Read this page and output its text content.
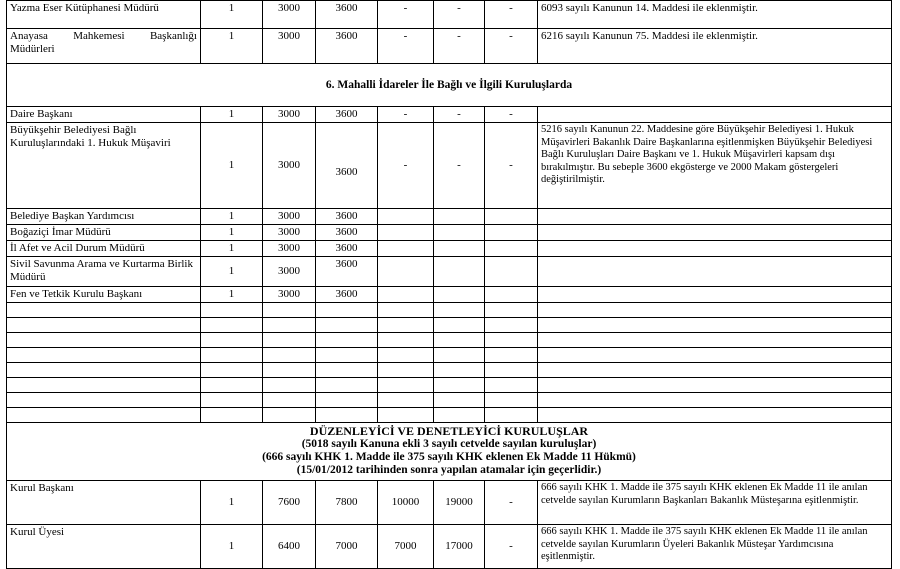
Yazma Eser Kütüphanesi Müdürü	1	3000	3600	-	-	-	6093 sayılı Kanunun 14. Maddesi ile eklenmiştir.
Anayasa Mahkemesi Başkanlığı Müdürleri	1	3000	3600	-	-	-	6216 sayılı Kanunun 75. Maddesi ile eklenmiştir.
6. Mahalli İdareler İle Bağlı ve İlgili Kuruluşlarda							
Daire Başkanı	1	3000	3600	-	-	-	
Büyükşehir Belediyesi Bağlı Kuruluşlarındaki 1. Hukuk Müşaviri	1	3000	3600	-	-	-	5216 sayılı Kanunun 22. Maddesine göre Büyükşehir Belediyesi 1. Hukuk Müşavirleri Bakanlık Daire Başkanlarına eşitlenmişken Büyükşehir Belediyesi Bağlı Kuruluşları Daire Başkanı ve 1. Hukuk Müşavirleri kapsam dışı bırakılmıştır. Bu sebeple 3600 ekgösterge ve 2000 Makam göstergeleri değiştirilmiştir.
Belediye Başkan Yardımcısı	1	3000	3600				
Boğaziçi İmar Müdürü	1	3000	3600				
İl Afet ve Acil Durum Müdürü	1	3000	3600				
Sivil Savunma Arama ve Kurtarma Birlik Müdürü	1	3000	3600				
Fen ve Tetkik Kurulu Başkanı	1	3000	3600				

DÜZENLEYİCİ VE DENETLEYİCİ KURULUŞLAR
(5018 sayılı Kanuna ekli 3 sayılı cetvelde sayılan kuruluşlar)
(666 sayılı KHK 1. Madde ile 375 sayılı KHK eklenen Ek Madde 11 Hükmü)
(15/01/2012 tarihinden sonra yapılan atamalar için geçerlidir.)							

Kurul Başkanı	1	7600	7800	10000	19000	-	666 sayılı KHK 1. Madde ile 375 sayılı KHK eklenen Ek Madde 11 ile anılan cetvelde sayılan Kurumların Başkanları Bakanlık Müsteşarına eşitlenmiştir.
Kurul Üyesi	1	6400	7000	7000	17000	-	666 sayılı KHK 1. Madde ile 375 sayılı KHK eklenen Ek Madde 11 ile anılan cetvelde sayılan Kurumların Üyeleri Bakanlık Müsteşar Yardımcısına eşitlenmiştir.
